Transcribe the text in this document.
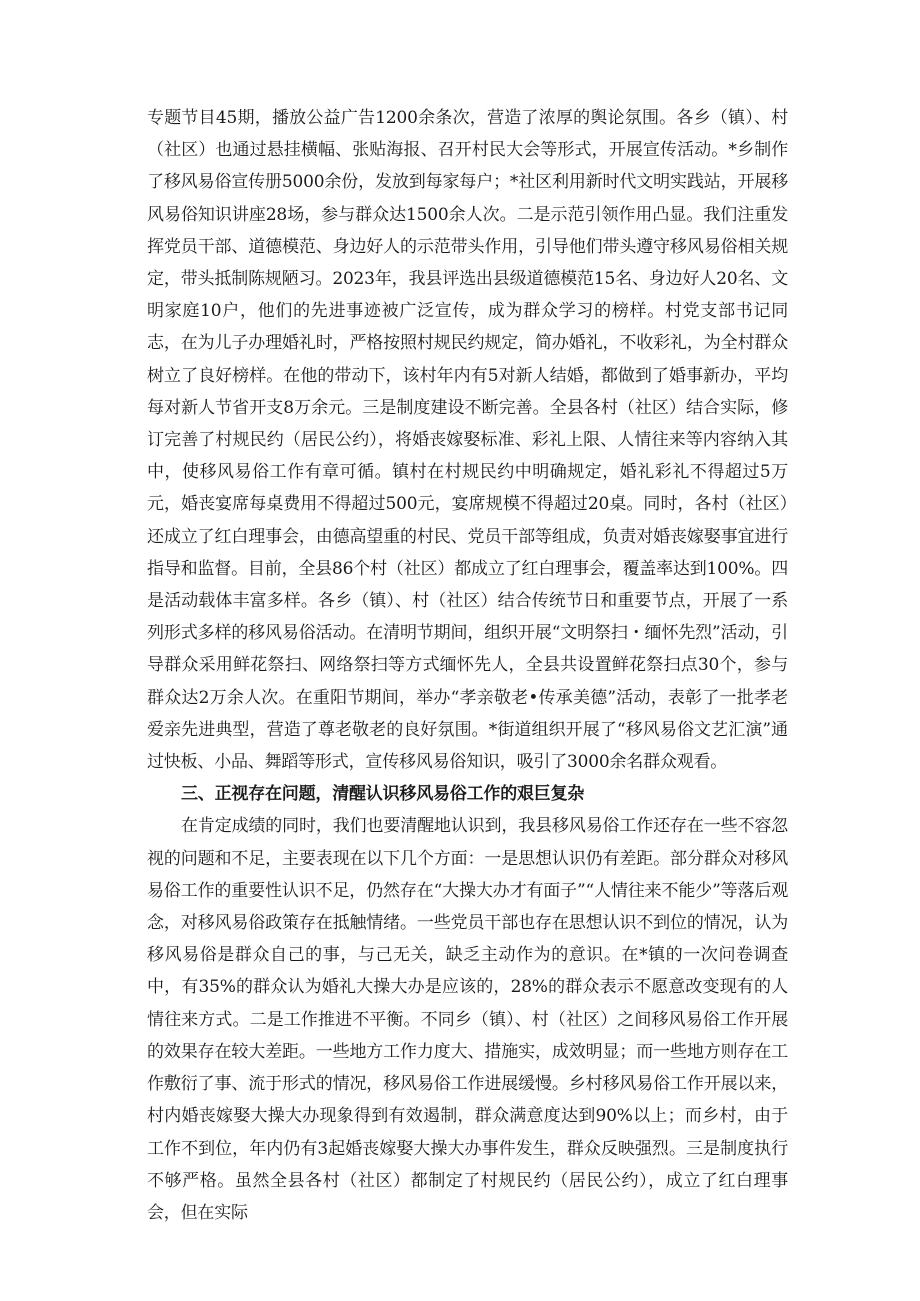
专题节目45期，播放公益广告1200余条次，营造了浓厚的舆论氛围。各乡（镇）、村（社区）也通过悬挂横幅、张贴海报、召开村民大会等形式，开展宣传活动。*乡制作了移风易俗宣传册5000余份，发放到每家每户；*社区利用新时代文明实践站，开展移风易俗知识讲座28场，参与群众达1500余人次。二是示范引领作用凸显。我们注重发挥党员干部、道德模范、身边好人的示范带头作用，引导他们带头遵守移风易俗相关规定，带头抵制陈规陋习。2023年，我县评选出县级道德模范15名、身边好人20名、文明家庭10户，他们的先进事迹被广泛宣传，成为群众学习的榜样。村党支部书记同志，在为儿子办理婚礼时，严格按照村规民约规定，简办婚礼，不收彩礼，为全村群众树立了良好榜样。在他的带动下，该村年内有5对新人结婚，都做到了婚事新办，平均每对新人节省开支8万余元。三是制度建设不断完善。全县各村（社区）结合实际，修订完善了村规民约（居民公约），将婚丧嫁娶标准、彩礼上限、人情往来等内容纳入其中，使移风易俗工作有章可循。镇村在村规民约中明确规定，婚礼彩礼不得超过5万元，婚丧宴席每桌费用不得超过500元，宴席规模不得超过20桌。同时，各村（社区）还成立了红白理事会，由德高望重的村民、党员干部等组成，负责对婚丧嫁娶事宜进行指导和监督。目前，全县86个村（社区）都成立了红白理事会，覆盖率达到100%。四是活动载体丰富多样。各乡（镇）、村（社区）结合传统节日和重要节点，开展了一系列形式多样的移风易俗活动。在清明节期间，组织开展“文明祭扫・缅怀先烈”活动，引导群众采用鲜花祭扫、网络祭扫等方式缅怀先人，全县共设置鲜花祭扫点30个，参与群众达2万余人次。在重阳节期间，举办“孝亲敬老•传承美德”活动，表彰了一批孝老爱亲先进典型，营造了尊老敬老的良好氛围。*街道组织开展了“移风易俗文艺汇演”通过快板、小品、舞蹈等形式，宣传移风易俗知识，吸引了3000余名群众观看。

三、正视存在问题，清醒认识移风易俗工作的艰巨复杂

在肯定成绩的同时，我们也要清醒地认识到，我县移风易俗工作还存在一些不容忽视的问题和不足，主要表现在以下几个方面：一是思想认识仍有差距。部分群众对移风易俗工作的重要性认识不足，仍然存在“大操大办才有面子”“人情往来不能少”等落后观念，对移风易俗政策存在抵触情绪。一些党员干部也存在思想认识不到位的情况，认为移风易俗是群众自己的事，与己无关，缺乏主动作为的意识。在*镇的一次问卷调查中，有35%的群众认为婚礼大操大办是应该的，28%的群众表示不愿意改变现有的人情往来方式。二是工作推进不平衡。不同乡（镇）、村（社区）之间移风易俗工作开展的效果存在较大差距。一些地方工作力度大、措施实，成效明显；而一些地方则存在工作敷衍了事、流于形式的情况，移风易俗工作进展缓慢。乡村移风易俗工作开展以来，村内婚丧嫁娶大操大办现象得到有效遏制，群众满意度达到90%以上；而乡村，由于工作不到位，年内仍有3起婚丧嫁娶大操大办事件发生，群众反映强烈。三是制度执行不够严格。虽然全县各村（社区）都制定了村规民约（居民公约），成立了红白理事会，但在实际
